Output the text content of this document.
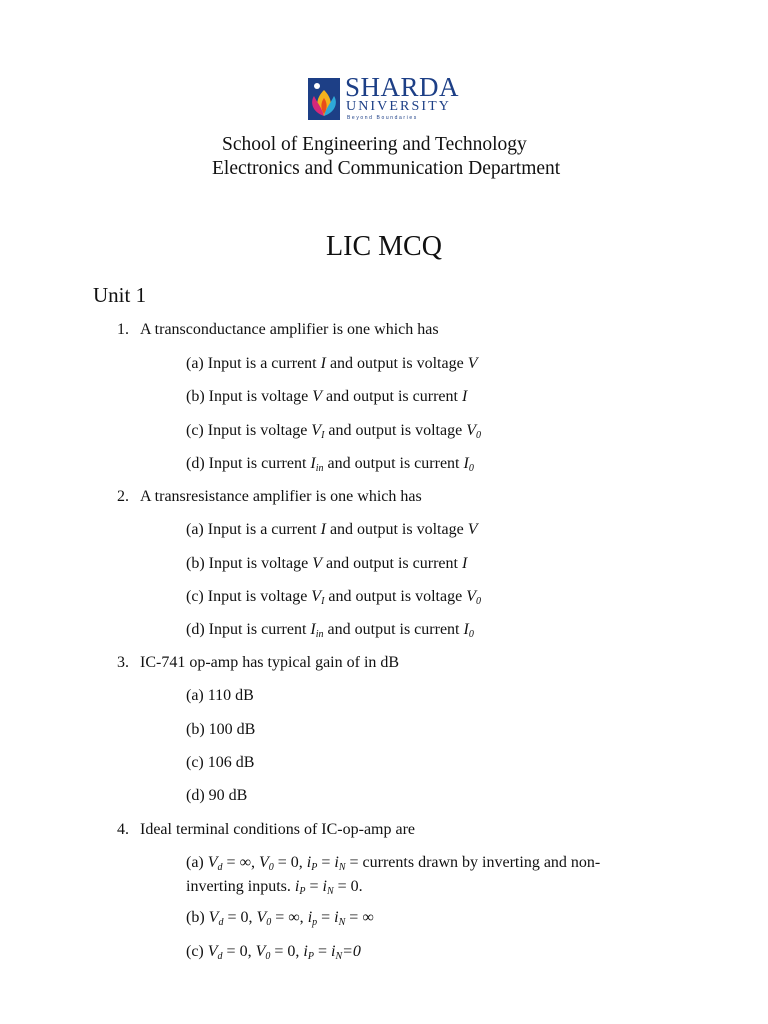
SHARDA
UNIVERSITY
Beyond Boundaries
School of Engineering and Technology
Electronics and Communication Department
LIC MCQ
Unit 1
1. A transconductance amplifier is one which has
(a) Input is a current I and output is voltage V
(b) Input is voltage V and output is current I
(c) Input is voltage $V_I$ and output is voltage $V_0$
(d) Input is current $I_{in}$ and output is current $I_0$
2. A transresistance amplifier is one which has
(a) Input is a current I and output is voltage V
(b) Input is voltage V and output is current I
(c) Input is voltage $V_I$ and output is voltage $V_0$
(d) Input is current $I_{in}$ and output is current $I_0$
3. IC-741 op-amp has typical gain of in dB
(a) 110 dB
(b) 100 dB
(c) 106 dB
(d) 90 dB
4. Ideal terminal conditions of IC-op-amp are
(a) $V_d$ = ∞, $V_0 = 0$, $i_P = i_N$ = currents drawn by inverting and non-inverting inputs. $i_P = i_N = 0$.
(b) $V_d = 0$, $V_0$ = ∞, $i_p = i_N$ = ∞
(c) $V_d = 0$, $V_0 = 0$, $i_P = i_N=0$
